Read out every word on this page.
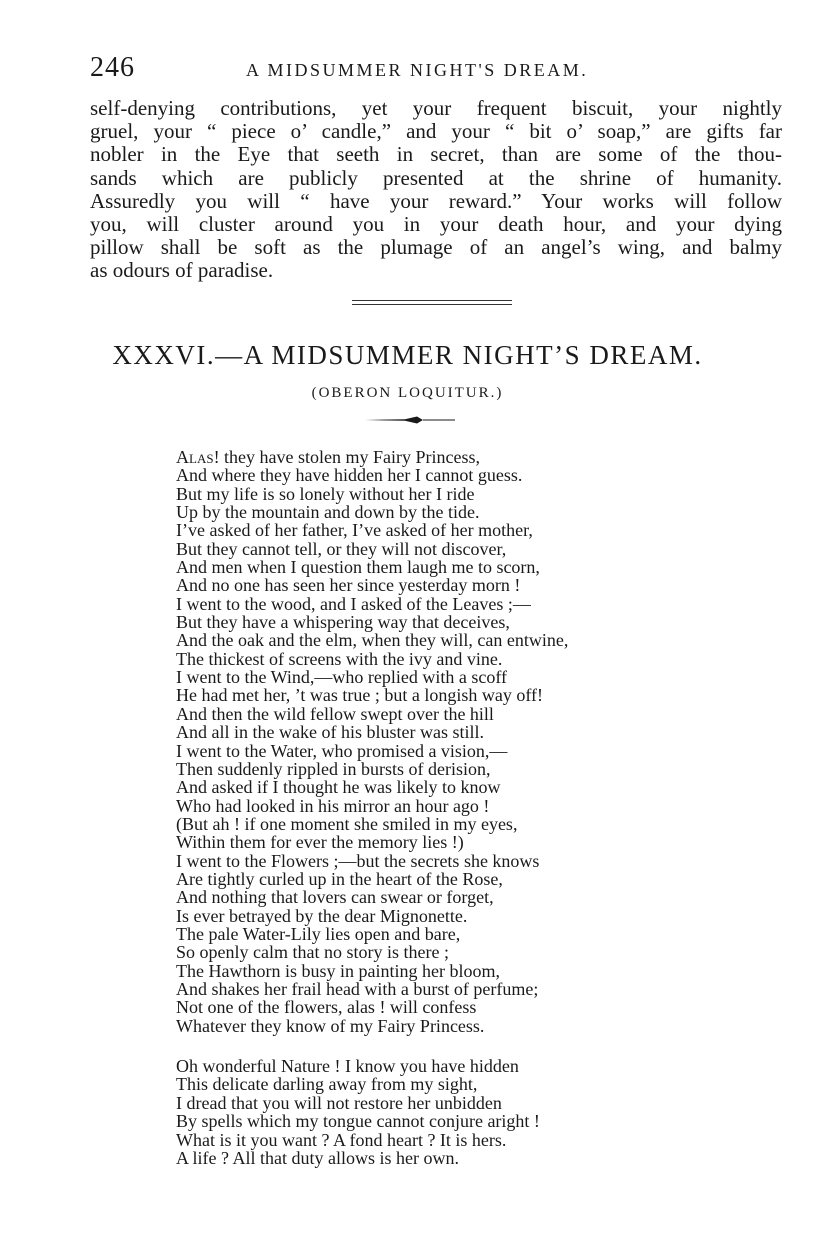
246	A MIDSUMMER NIGHT'S DREAM.

self-denying contributions, yet your frequent biscuit, your nightly
gruel, your “ piece o’ candle,” and your “ bit o’ soap,” are gifts far
nobler in the Eye that seeth in secret, than are some of the thou-
sands which are publicly presented at the shrine of humanity.
Assuredly you will “ have your reward.” Your works will follow
you, will cluster around you in your death hour, and your dying
pillow shall be soft as the plumage of an angel’s wing, and balmy
as odours of paradise.

XXXVI.—A MIDSUMMER NIGHT’S DREAM.
(OBERON LOQUITUR.)

Alas! they have stolen my Fairy Princess,
And where they have hidden her I cannot guess.
But my life is so lonely without her I ride
Up by the mountain and down by the tide.
I’ve asked of her father, I’ve asked of her mother,
But they cannot tell, or they will not discover,
And men when I question them laugh me to scorn,
And no one has seen her since yesterday morn !
I went to the wood, and I asked of the Leaves ;—
But they have a whispering way that deceives,
And the oak and the elm, when they will, can entwine,
The thickest of screens with the ivy and vine.
I went to the Wind,—who replied with a scoff
He had met her, ’t was true ; but a longish way off!
And then the wild fellow swept over the hill
And all in the wake of his bluster was still.
I went to the Water, who promised a vision,—
Then suddenly rippled in bursts of derision,
And asked if I thought he was likely to know
Who had looked in his mirror an hour ago !
(But ah ! if one moment she smiled in my eyes,
Within them for ever the memory lies !)
I went to the Flowers ;—but the secrets she knows
Are tightly curled up in the heart of the Rose,
And nothing that lovers can swear or forget,
Is ever betrayed by the dear Mignonette.
The pale Water-Lily lies open and bare,
So openly calm that no story is there ;
The Hawthorn is busy in painting her bloom,
And shakes her frail head with a burst of perfume;
Not one of the flowers, alas ! will confess
Whatever they know of my Fairy Princess.

Oh wonderful Nature ! I know you have hidden
This delicate darling away from my sight,
I dread that you will not restore her unbidden
By spells which my tongue cannot conjure aright !
What is it you want ? A fond heart ? It is hers.
A life ? All that duty allows is her own.
